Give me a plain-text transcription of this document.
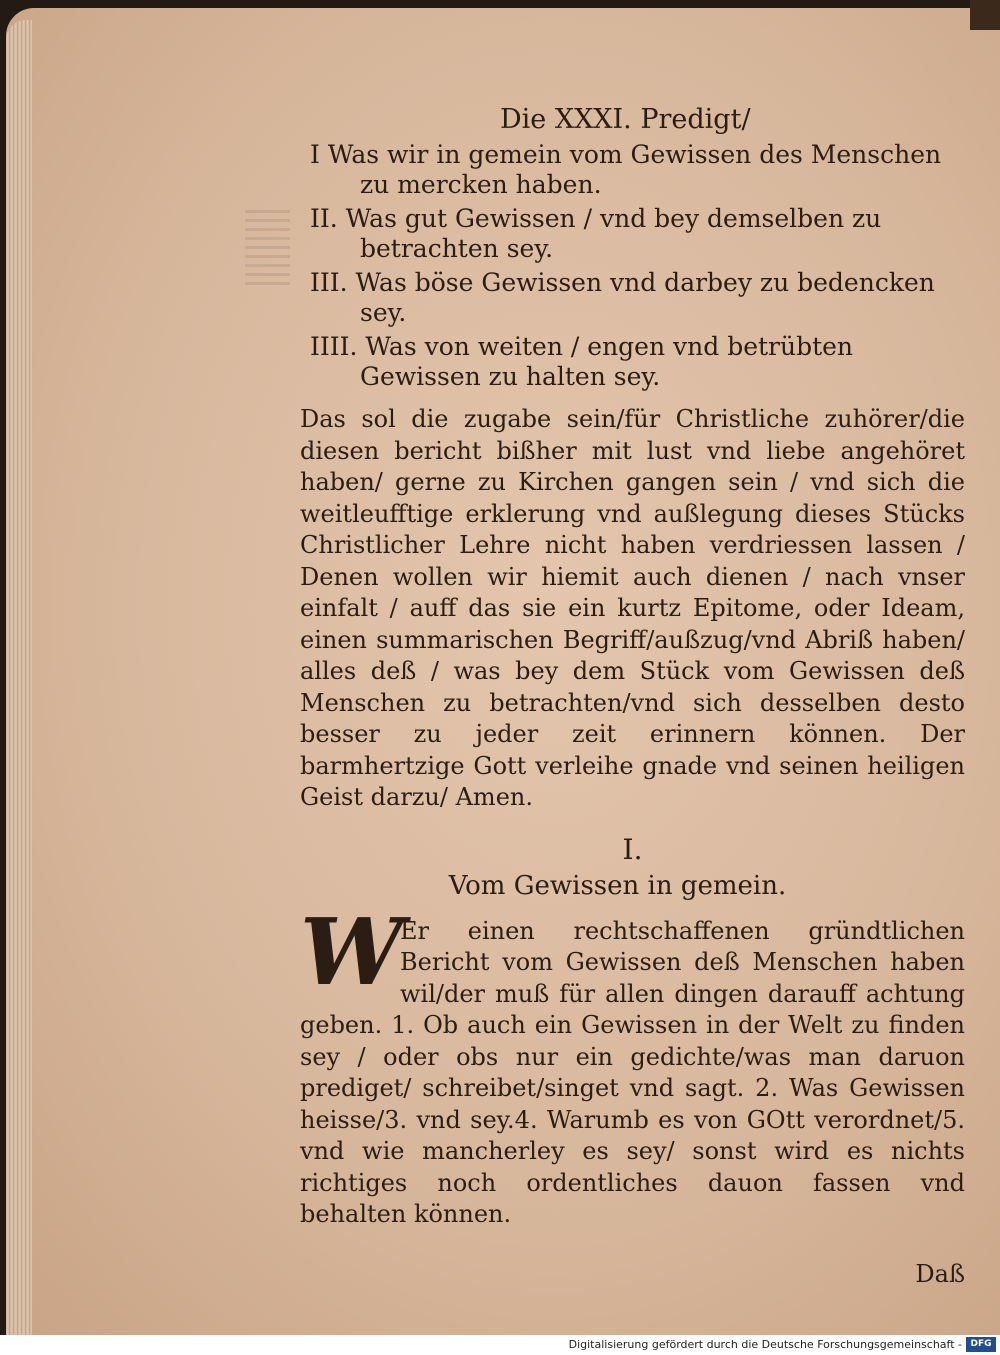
Die XXXI. Predigt/
I Was wir in gemein vom Gewissen des Menschen zu mercken haben.
II. Was gut Gewissen / vnd bey demselben zu betrachten sey.
III. Was böse Gewissen vnd darbey zu bedencken sey.
IIII. Was von weiten / engen vnd betrübten Gewissen zu halten sey.
Das sol die zugabe sein/für Christliche zuhörer/die diesen bericht bißher mit lust vnd liebe angehöret haben/ gerne zu Kirchen gangen sein / vnd sich die weitleufftige erklerung vnd außlegung dieses Stücks Christlicher Lehre nicht haben verdriessen lassen / Denen wollen wir hiemit auch dienen / nach vnser einfalt / auff das sie ein kurtz Epitome, oder Ideam, einen summarischen Begriff/außzug/vnd Abriß haben/ alles deß / was bey dem Stück vom Gewissen deß Menschen zu betrachten/vnd sich desselben desto besser zu jeder zeit erinnern können. Der barmhertzige Gott verleihe gnade vnd seinen heiligen Geist darzu/ Amen.
I.
Vom Gewissen in gemein.
W
Er einen rechtschaffenen gründtlichen Bericht vom Gewissen deß Menschen haben wil/der muß für allen dingen darauff achtung geben. 1. Ob auch ein Gewissen in der Welt zu finden sey / oder obs nur ein gedichte/was man daruon prediget/ schreibet/singet vnd sagt. 2. Was Gewissen heisse/3. vnd sey.4. Warumb es von GOtt verordnet/5. vnd wie mancherley es sey/ sonst wird es nichts richtiges noch ordentliches dauon fassen vnd behalten können.
Daß
Digitalisierung gefördert durch die Deutsche Forschungsgemeinschaft - DFG
